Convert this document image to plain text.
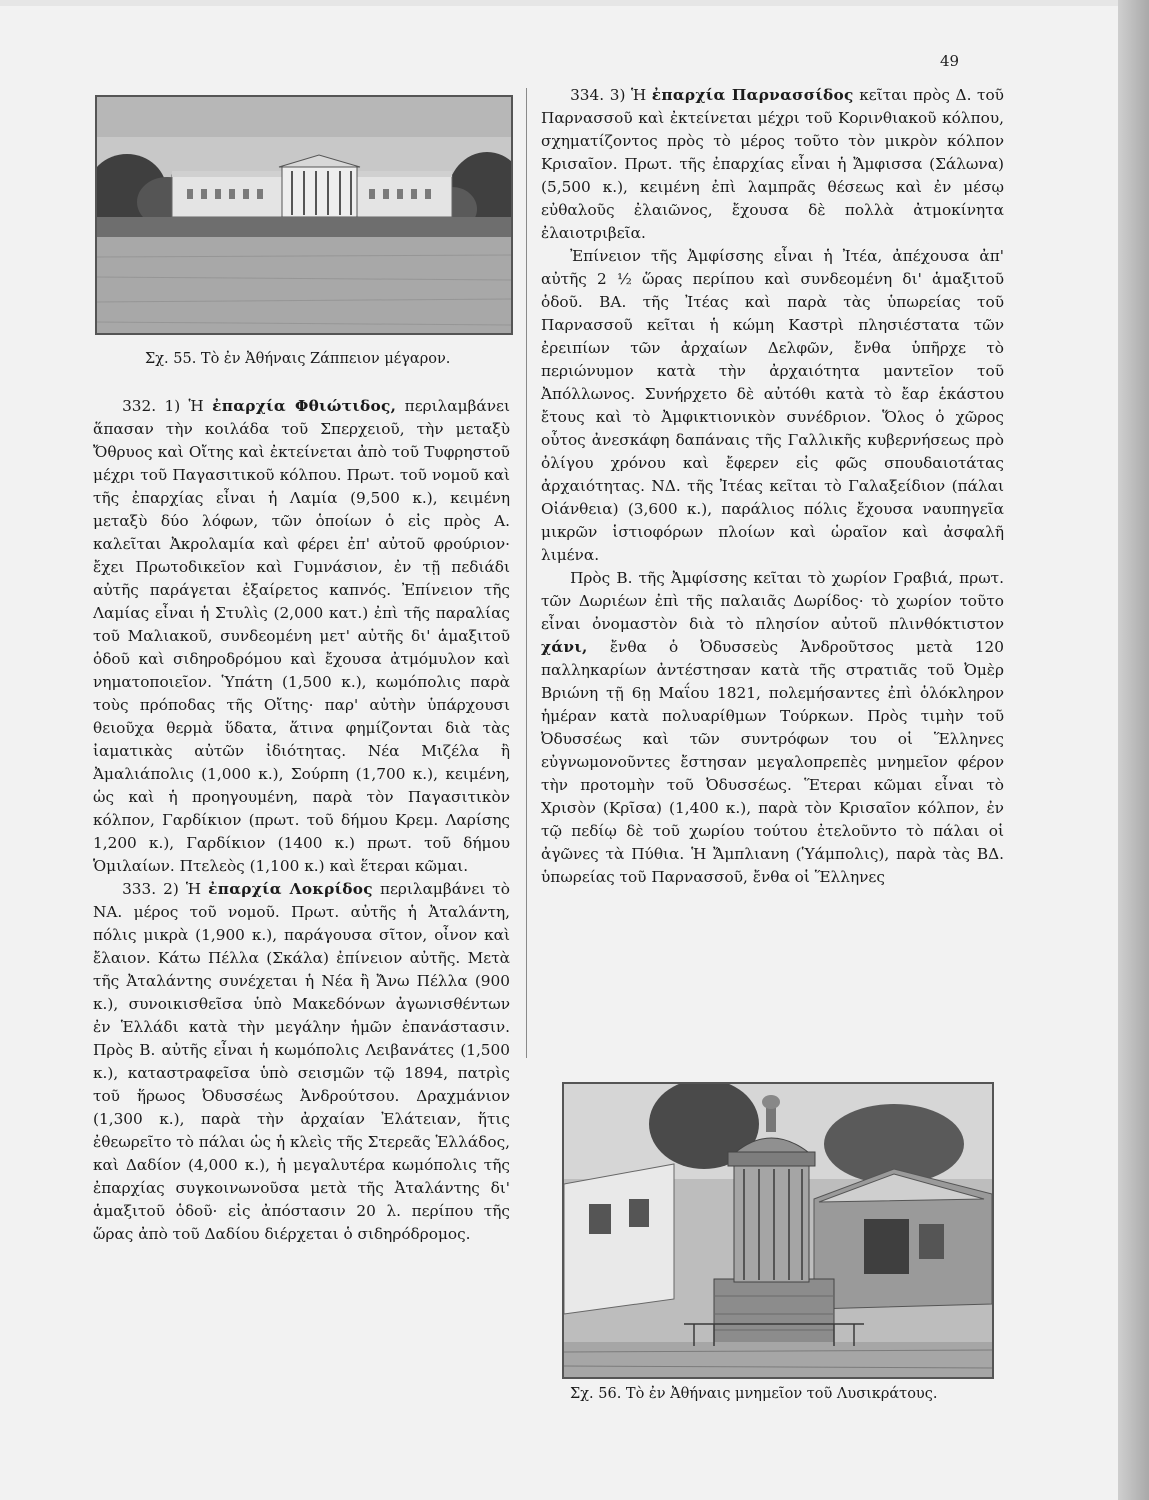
49
Σχ. 55. Τὸ ἐν Ἀθήναις Ζάππειον μέγαρον.

332. 1) Ἡ ἐπαρχία Φθιώτιδος, περιλαμβάνει ἅπασαν τὴν κοιλάδα τοῦ Σπερχειοῦ, τὴν μεταξὺ Ὄθρυος καὶ Οἴτης καὶ ἐκτείνεται ἀπὸ τοῦ Τυφρηστοῦ μέχρι τοῦ Παγασιτικοῦ κόλπου. Πρωτ. τοῦ νομοῦ καὶ τῆς ἐπαρχίας εἶναι ἡ Λαμία (9,500 κ.), κειμένη μεταξὺ δύο λόφων, τῶν ὁποίων ὁ εἰς πρὸς Α. καλεῖται Ἀκρολαμία καὶ φέρει ἐπ' αὐτοῦ φρούριον· ἔχει Πρωτοδικεῖον καὶ Γυμνάσιον, ἐν τῇ πεδιάδι αὐτῆς παράγεται ἐξαίρετος καπνός. Ἐπίνειον τῆς Λαμίας εἶναι ἡ Στυλὶς (2,000 κατ.) ἐπὶ τῆς παραλίας τοῦ Μαλιακοῦ, συνδεομένη μετ' αὐτῆς δι' ἁμαξιτοῦ ὁδοῦ καὶ σιδηροδρόμου καὶ ἔχουσα ἀτμόμυλον καὶ νηματοποιεῖον. Ὑπάτη (1,500 κ.), κωμόπολις παρὰ τοὺς πρόποδας τῆς Οἴτης· παρ' αὐτὴν ὑπάρχουσι θειοῦχα θερμὰ ὕδατα, ἅτινα φημίζονται διὰ τὰς ἰαματικὰς αὐτῶν ἰδιότητας. Νέα Μιζέλα ἢ Ἀμαλιάπολις (1,000 κ.), Σούρπη (1,700 κ.), κειμένη, ὡς καὶ ἡ προηγουμένη, παρὰ τὸν Παγασιτικὸν κόλπον, Γαρδίκιον (πρωτ. τοῦ δήμου Κρεμ. Λαρίσης 1,200 κ.), Γαρδίκιον (1400 κ.) πρωτ. τοῦ δήμου Ὁμιλαίων. Πτελεὸς (1,100 κ.) καὶ ἕτεραι κῶμαι.

333. 2) Ἡ ἐπαρχία Λοκρίδος περιλαμβάνει τὸ ΝΑ. μέρος τοῦ νομοῦ. Πρωτ. αὐτῆς ἡ Ἀταλάντη, πόλις μικρὰ (1,900 κ.), παράγουσα σῖτον, οἶνον καὶ ἔλαιον. Κάτω Πέλλα (Σκάλα) ἐπίνειον αὐτῆς. Μετὰ τῆς Ἀταλάντης συνέχεται ἡ Νέα ἢ Ἄνω Πέλλα (900 κ.), συνοικισθεῖσα ὑπὸ Μακεδόνων ἀγωνισθέντων ἐν Ἑλλάδι κατὰ τὴν μεγάλην ἡμῶν ἐπανάστασιν. Πρὸς Β. αὐτῆς εἶναι ἡ κωμόπολις Λειβανάτες (1,500 κ.), καταστραφεῖσα ὑπὸ σεισμῶν τῷ 1894, πατρὶς τοῦ ἥρωος Ὀδυσσέως Ἀνδρούτσου. Δραχμάνιον (1,300 κ.), παρὰ τὴν ἀρχαίαν Ἐλάτειαν, ἥτις ἐθεωρεῖτο τὸ πάλαι ὡς ἡ κλεὶς τῆς Στερεᾶς Ἑλλάδος, καὶ Δαδίον (4,000 κ.), ἡ μεγαλυτέρα κωμόπολις τῆς ἐπαρχίας συγκοινωνοῦσα μετὰ τῆς Ἀταλάντης δι' ἁμαξιτοῦ ὁδοῦ· εἰς ἀπόστασιν 20 λ. περίπου τῆς ὥρας ἀπὸ τοῦ Δαδίου διέρχεται ὁ σιδηρόδρομος.

334. 3) Ἡ ἐπαρχία Παρνασσίδος κεῖται πρὸς Δ. τοῦ Παρνασσοῦ καὶ ἐκτείνεται μέχρι τοῦ Κορινθιακοῦ κόλπου, σχηματίζοντος πρὸς τὸ μέρος τοῦτο τὸν μικρὸν κόλπον Κρισαῖον. Πρωτ. τῆς ἐπαρχίας εἶναι ἡ Ἄμφισσα (Σάλωνα) (5,500 κ.), κειμένη ἐπὶ λαμπρᾶς θέσεως καὶ ἐν μέσῳ εὐθαλοῦς ἐλαιῶνος, ἔχουσα δὲ πολλὰ ἀτμοκίνητα ἐλαιοτριβεῖα.

Ἐπίνειον τῆς Ἀμφίσσης εἶναι ἡ Ἰτέα, ἀπέχουσα ἀπ' αὐτῆς 2 ½ ὥρας περίπου καὶ συνδεομένη δι' ἁμαξιτοῦ ὁδοῦ. ΒΑ. τῆς Ἰτέας καὶ παρὰ τὰς ὑπωρείας τοῦ Παρνασσοῦ κεῖται ἡ κώμη Καστρὶ πλησιέστατα τῶν ἐρειπίων τῶν ἀρχαίων Δελφῶν, ἔνθα ὑπῆρχε τὸ περιώνυμον κατὰ τὴν ἀρχαιότητα μαντεῖον τοῦ Ἀπόλλωνος. Συνήρχετο δὲ αὐτόθι κατὰ τὸ ἔαρ ἑκάστου ἔτους καὶ τὸ Ἀμφικτιονικὸν συνέδριον. Ὅλος ὁ χῶρος οὗτος ἀνεσκάφη δαπάναις τῆς Γαλλικῆς κυβερνήσεως πρὸ ὀλίγου χρόνου καὶ ἔφερεν εἰς φῶς σπουδαιοτάτας ἀρχαιότητας. ΝΔ. τῆς Ἰτέας κεῖται τὸ Γαλαξείδιον (πάλαι Οἰάνθεια) (3,600 κ.), παράλιος πόλις ἔχουσα ναυπηγεῖα μικρῶν ἱστιοφόρων πλοίων καὶ ὡραῖον καὶ ἀσφαλῆ λιμένα.

Πρὸς Β. τῆς Ἀμφίσσης κεῖται τὸ χωρίον Γραβιά, πρωτ. τῶν Δωριέων ἐπὶ τῆς παλαιᾶς Δωρίδος· τὸ χωρίον τοῦτο εἶναι ὀνομαστὸν διὰ τὸ πλησίον αὐτοῦ πλινθόκτιστον χάνι, ἔνθα ὁ Ὀδυσσεὺς Ἀνδροῦτσος μετὰ 120 παλληκαρίων ἀντέστησαν κατὰ τῆς στρατιᾶς τοῦ Ὀμὲρ Βριώνη τῇ 6ῃ Μαΐου 1821, πολεμήσαντες ἐπὶ ὁλόκληρον ἡμέραν κατὰ πολυαρίθμων Τούρκων. Πρὸς τιμὴν τοῦ Ὀδυσσέως καὶ τῶν συντρόφων του οἱ Ἕλληνες εὐγνωμονοῦντες ἔστησαν μεγαλοπρεπὲς μνημεῖον φέρον τὴν προτομὴν τοῦ Ὀδυσσέως. Ἕτεραι κῶμαι εἶναι τὸ Χρισὸν (Κρῖσα) (1,400 κ.), παρὰ τὸν Κρισαῖον κόλπον, ἐν τῷ πεδίῳ δὲ τοῦ χωρίου τούτου ἐτελοῦντο τὸ πάλαι οἱ ἀγῶνες τὰ Πύθια. Ἡ Ἄμπλιανη (Ὑάμπολις), παρὰ τὰς ΒΔ. ὑπωρείας τοῦ Παρνασσοῦ, ἔνθα οἱ Ἕλληνες

Σχ. 56. Τὸ ἐν Ἀθήναις μνημεῖον τοῦ Λυσικράτους.
